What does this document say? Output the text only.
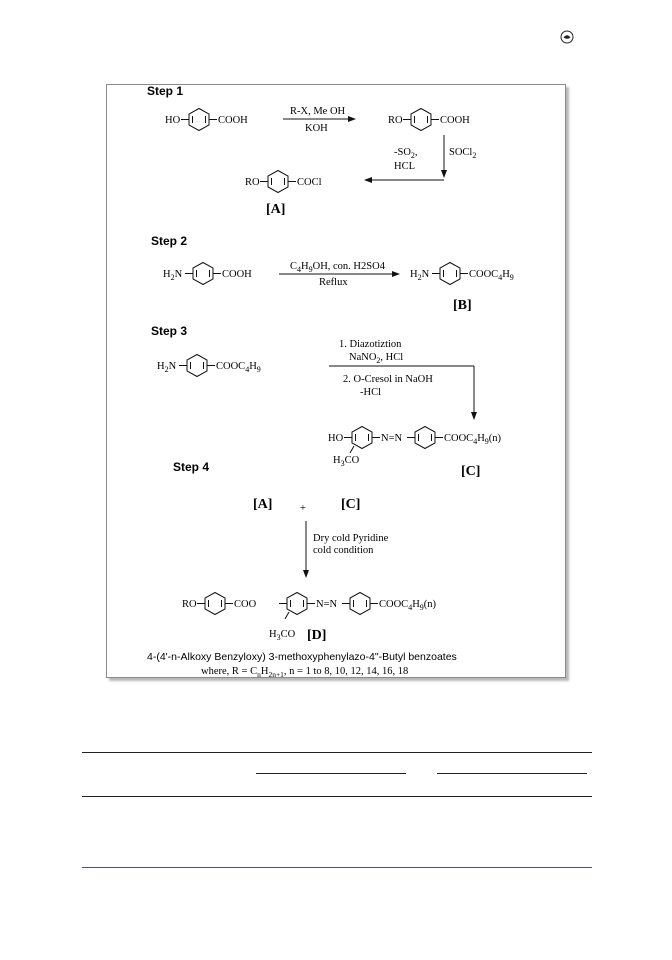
Step 1
HO	COOH
R-X, Me OH
KOH
RO	COOH
$-SO_2$,	SOCl$_2$
HCL
RO	COCl
[A]
Step 2
$H_2N$	COOH
$C_4H_9OH$, con. H2SO4
Reflux
$H_2N$	$COOC_4H_9$
[B]
Step 3
$H_2N$	$COOC_4H_9$
1. Diazotiztion
NaNO$_2$, HCl
2. O-Cresol in NaOH
-HCl
HO	N=N	$COOC_4H_9(n)$
$H_3CO$
[C]
Step 4
[A]	+	[C]
Dry cold Pyridine
cold condition
RO	COO	N=N	$COOC_4H_9(n)$
$H_3CO$ [D]
4-(4'-n-Alkoxy Benzyloxy) 3-methoxyphenylazo-4"-Butyl benzoates
where, $R = C_nH_{2n+1}$, n = 1 to 8, 10, 12, 14, 16, 18
